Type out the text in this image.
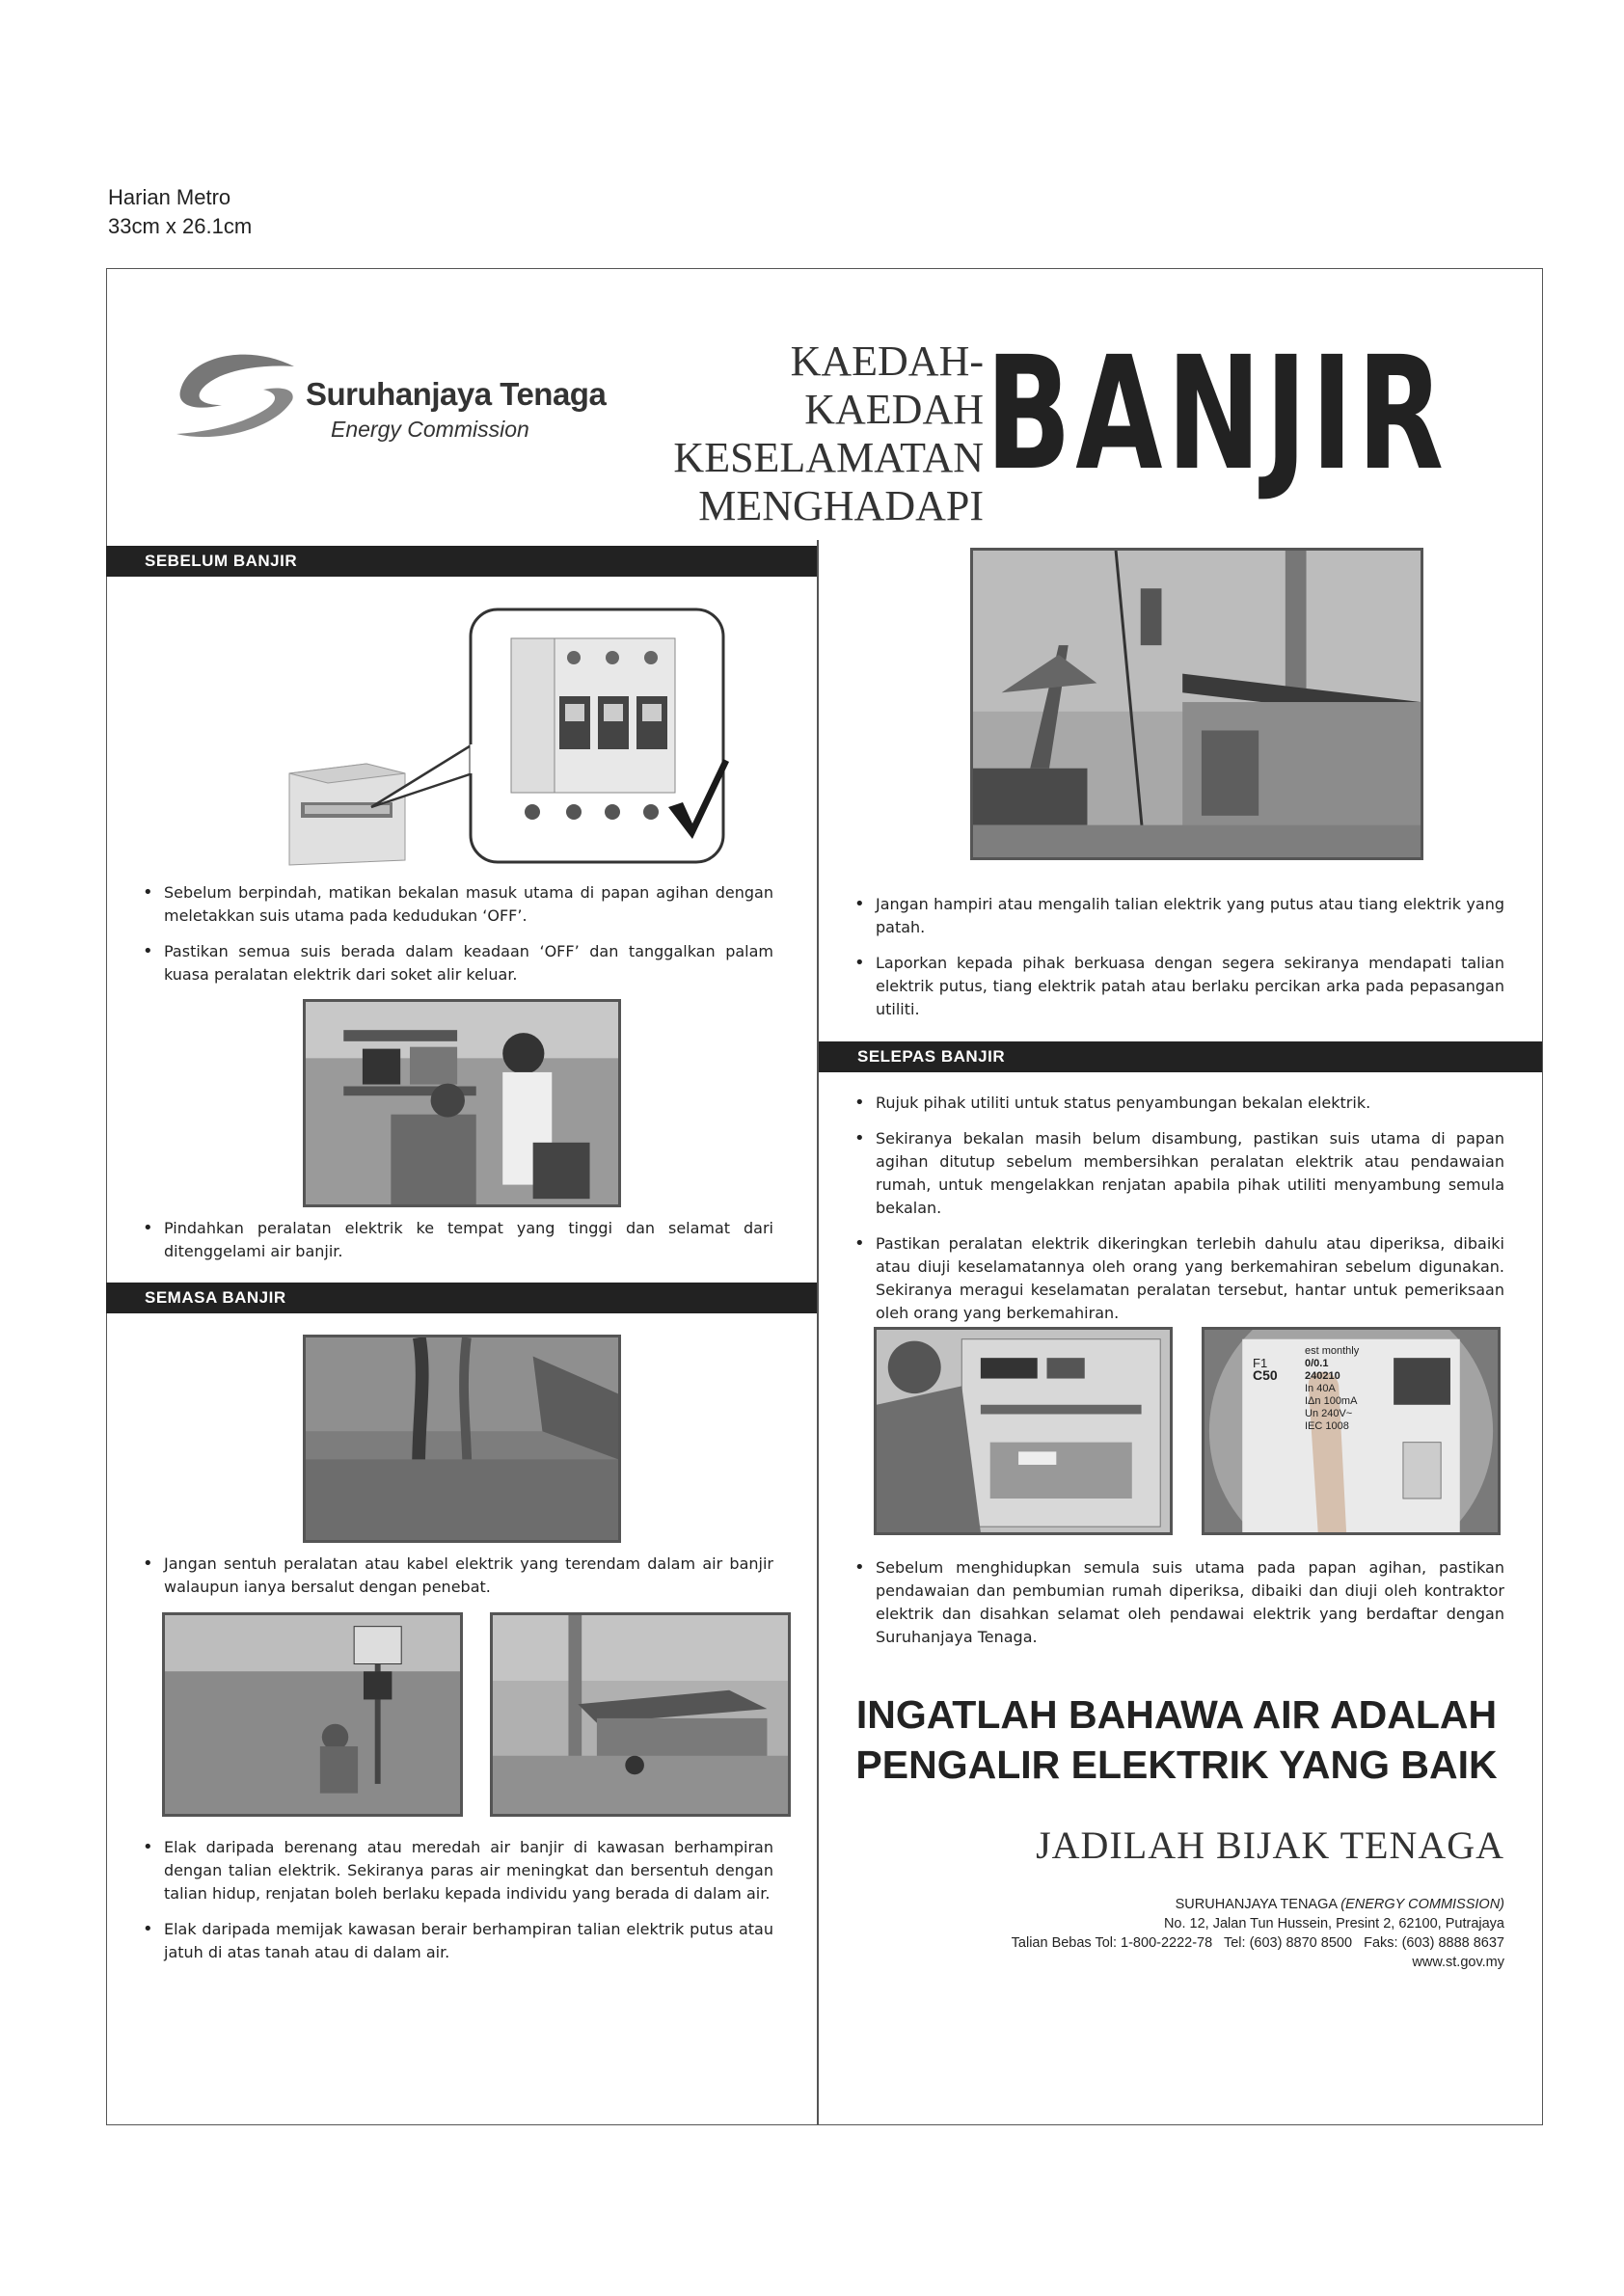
Harian Metro
33cm x 26.1cm
Suruhanjaya Tenaga
Energy Commission
KAEDAH-KAEDAH
KESELAMATAN
MENGHADAPI
BANJIR
SEBELUM BANJIR
• Sebelum berpindah, matikan bekalan masuk utama di papan agihan dengan meletakkan suis utama pada kedudukan ‘OFF’.
• Pastikan semua suis berada dalam keadaan ‘OFF’ dan tanggalkan palam kuasa peralatan elektrik dari soket alir keluar.
• Pindahkan peralatan elektrik ke tempat yang tinggi dan selamat dari ditenggelami air banjir.
SEMASA BANJIR
• Jangan sentuh peralatan atau kabel elektrik yang terendam dalam air banjir walaupun ianya bersalut dengan penebat.
• Elak daripada berenang atau meredah air banjir di kawasan berhampiran dengan talian elektrik. Sekiranya paras air meningkat dan bersentuh dengan talian hidup, renjatan boleh berlaku kepada individu yang berada di dalam air.
• Elak daripada memijak kawasan berair berhampiran talian elektrik putus atau jatuh di atas tanah atau di dalam air.
• Jangan hampiri atau mengalih talian elektrik yang putus atau tiang elektrik yang patah.
• Laporkan kepada pihak berkuasa dengan segera sekiranya mendapati talian elektrik putus, tiang elektrik patah atau berlaku percikan arka pada pepasangan utiliti.
SELEPAS BANJIR
• Rujuk pihak utiliti untuk status penyambungan bekalan elektrik.
• Sekiranya bekalan masih belum disambung, pastikan suis utama di papan agihan ditutup sebelum membersihkan peralatan elektrik atau pendawaian rumah, untuk mengelakkan renjatan apabila pihak utiliti menyambung semula bekalan.
• Pastikan peralatan elektrik dikeringkan terlebih dahulu atau diperiksa, dibaiki atau diuji keselamatannya oleh orang yang berkemahiran sebelum digunakan. Sekiranya meragui keselamatan peralatan tersebut, hantar untuk pemeriksaan oleh orang yang berkemahiran.
F1
C50
est monthly
0/0.1
240210
In 40A
IΔn 100mA
Un 240V~
IEC 1008
• Sebelum menghidupkan semula suis utama pada papan agihan, pastikan pendawaian dan pembumian rumah diperiksa, dibaiki dan diuji oleh kontraktor elektrik dan disahkan selamat oleh pendawai elektrik yang berdaftar dengan Suruhanjaya Tenaga.
INGATLAH BAHAWA AIR ADALAH
PENGALIR ELEKTRIK YANG BAIK
JADILAH BIJAK TENAGA
SURUHANJAYA TENAGA (ENERGY COMMISSION)
No. 12, Jalan Tun Hussein, Presint 2, 62100, Putrajaya
Talian Bebas Tol: 1-800-2222-78   Tel: (603) 8870 8500   Faks: (603) 8888 8637
www.st.gov.my
